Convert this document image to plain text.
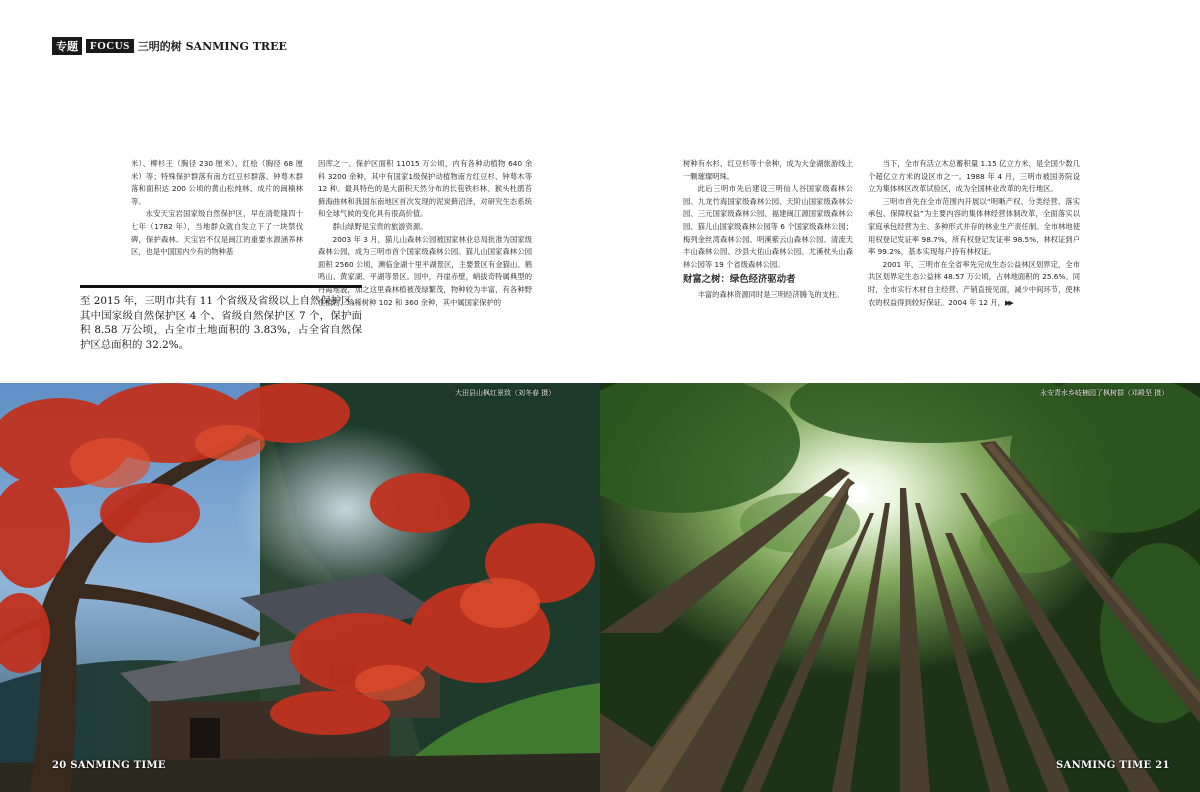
专题	FOCUS 三明的树 SANMING TREE

米）、柳杉王（胸径 230 厘米）、红桧（胸径 68 厘米）等；特殊保护群落有南方红豆杉群落、钟萼木群落和面积达 200 公顷的黄山松纯林、成片的闽楠林等。

永安天宝岩国家级自然保护区，早在清乾隆四十七年（1782 年），当地群众就自发立下了一块禁伐碑，保护森林。天宝岩不仅是闽江的重要水源涵养林区，也是中国国内少有的物种基

至 2015 年，三明市共有 11 个省级及省级以上自然保护区，其中国家级自然保护区 4 个、省级自然保护区 7 个，保护面积 8.58 万公顷，占全市土地面积的 3.83%，占全省自然保护区总面积的 32.2%。

因库之一。保护区面积 11015 万公顷，内有各种动植物 640 余科 3200 余种，其中有国家1级保护动植物南方红豆杉、钟萼木等 12 种。最具特色的是大面积天然分布的长苞铁杉林、猴头杜鹃苔藓海曲林和我国东南地区首次发现的泥炭藓沼泽，对研究生态系统和全球气候的变化具有很高价值。

群山绿野是宝贵的旅游资源。

2003 年 3 月，猫儿山森林公园被国家林业总局批准为国家级森林公园，成为三明市首个国家级森林公园。猫儿山国家森林公园面积 2560 公顷，濒临金湖十里平湖景区，主要景区有金猫山、鹤鸣山、黄家湖、平湖等景区。园中，丹崖赤壁，峭拔奇特属典型的丹霞地貌，加之这里森林植被茂绿繁茂，物种较为丰富，有各种野生植物、珍稀树种 102 和 360 余种，其中属国家保护的

树种有水杉、红豆杉等十余种，成为大金湖旅游线上一颗璀璨明珠。

此后三明市先后建设三明仙人谷国家级森林公园、九龙竹海国家级森林公园、天阶山国家级森林公园、三元国家级森林公园、福建闽江源国家级森林公园、猫儿山国家级森林公园等 6 个国家级森林公园；梅列金丝湾森林公园、明溪紫云山森林公园、清流天丰山森林公园、沙县大佑山森林公园、尤溪枕头山森林公园等 19 个省级森林公园。

财富之树：绿色经济驱动者

丰富的森林资源同时是三明经济腾飞的支柱。

当下，全市有活立木总蓄积量 1.15 亿立方米，是全国少数几个超亿立方米的设区市之一。1988 年 4 月，三明市被国务院设立为集体林区改革试验区，成为全国林业改革的先行地区。

三明市首先在全市范围内开展以“明晰产权、分类经营、落实承包、保障权益”为主要内容的集体林经营体制改革，全面落实以家庭承包经营为主、多种形式并存的林业生产责任制。全市林地使用权登记发证率 98.7%，所有权登记发证率 98.5%，林权证到户率 99.2%，基本实现每户持有林权证。

2001 年，三明市在全省率先完成生态公益林区划界定，全市共区划界定生态公益林 48.57 万公顷，占林地面积的 25.6%。同时，全市实行木材自主经营、产销直接见面，减少中间环节，使林农的权益得到较好保证。2004 年 12 月，▶▶

大田县山枫红景致（刘冬春 摄）	永安青水乡岐楠园了枫树群（邓殿坚 摄）
20 SANMING TIME	SANMING TIME 21
